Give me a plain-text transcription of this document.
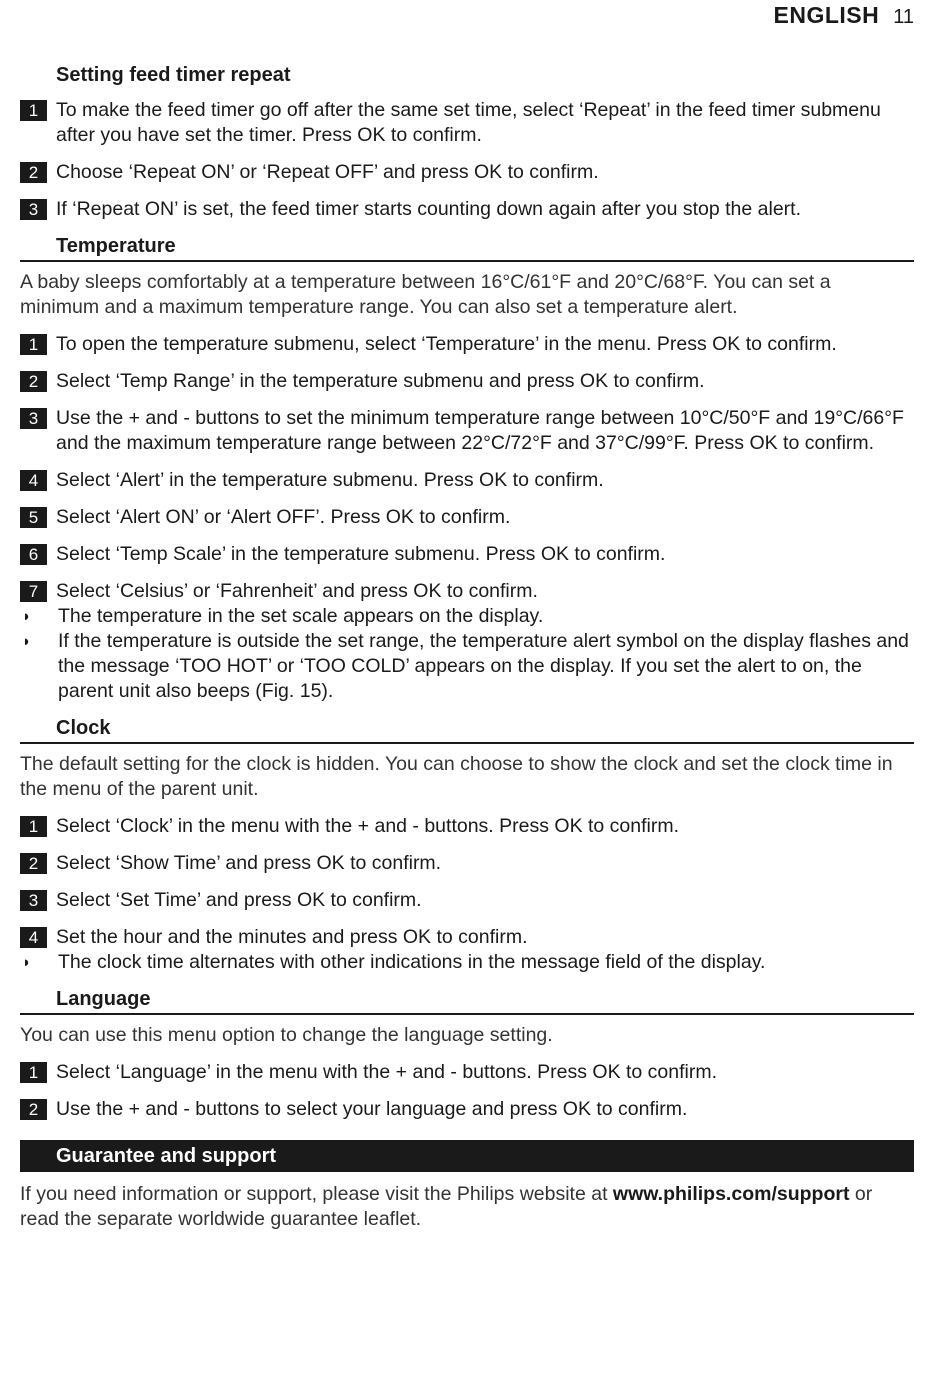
ENGLISH 11
Setting feed timer repeat
1 To make the feed timer go off after the same set time, select ‘Repeat’ in the feed timer submenu after you have set the timer. Press OK to confirm.
2 Choose ‘Repeat ON’ or ‘Repeat OFF’ and press OK to confirm.
3 If ‘Repeat ON’ is set, the feed timer starts counting down again after you stop the alert.
Temperature
A baby sleeps comfortably at a temperature between 16°C/61°F and 20°C/68°F. You can set a minimum and a maximum temperature range. You can also set a temperature alert.
1 To open the temperature submenu, select ‘Temperature’ in the menu. Press OK to confirm.
2 Select ‘Temp Range’ in the temperature submenu and press OK to confirm.
3 Use the + and - buttons to set the minimum temperature range between 10°C/50°F and 19°C/66°F and the maximum temperature range between 22°C/72°F and 37°C/99°F. Press OK to confirm.
4 Select ‘Alert’ in the temperature submenu. Press OK to confirm.
5 Select ‘Alert ON’ or ‘Alert OFF’. Press OK to confirm.
6 Select ‘Temp Scale’ in the temperature submenu. Press OK to confirm.
7 Select ‘Celsius’ or ‘Fahrenheit’ and press OK to confirm.
◗	The temperature in the set scale appears on the display.
◗	If the temperature is outside the set range, the temperature alert symbol on the display flashes and the message ‘TOO HOT’ or ‘TOO COLD’ appears on the display. If you set the alert to on, the parent unit also beeps (Fig. 15).
Clock
The default setting for the clock is hidden. You can choose to show the clock and set the clock time in the menu of the parent unit.
1 Select ‘Clock’ in the menu with the + and - buttons. Press OK to confirm.
2 Select ‘Show Time’ and press OK to confirm.
3 Select ‘Set Time’ and press OK to confirm.
4 Set the hour and the minutes and press OK to confirm.
◗	The clock time alternates with other indications in the message field of the display.
Language
You can use this menu option to change the language setting.
1 Select ‘Language’ in the menu with the + and - buttons. Press OK to confirm.
2 Use the + and - buttons to select your language and press OK to confirm.
Guarantee and support
If you need information or support, please visit the Philips website at www.philips.com/support or read the separate worldwide guarantee leaflet.
